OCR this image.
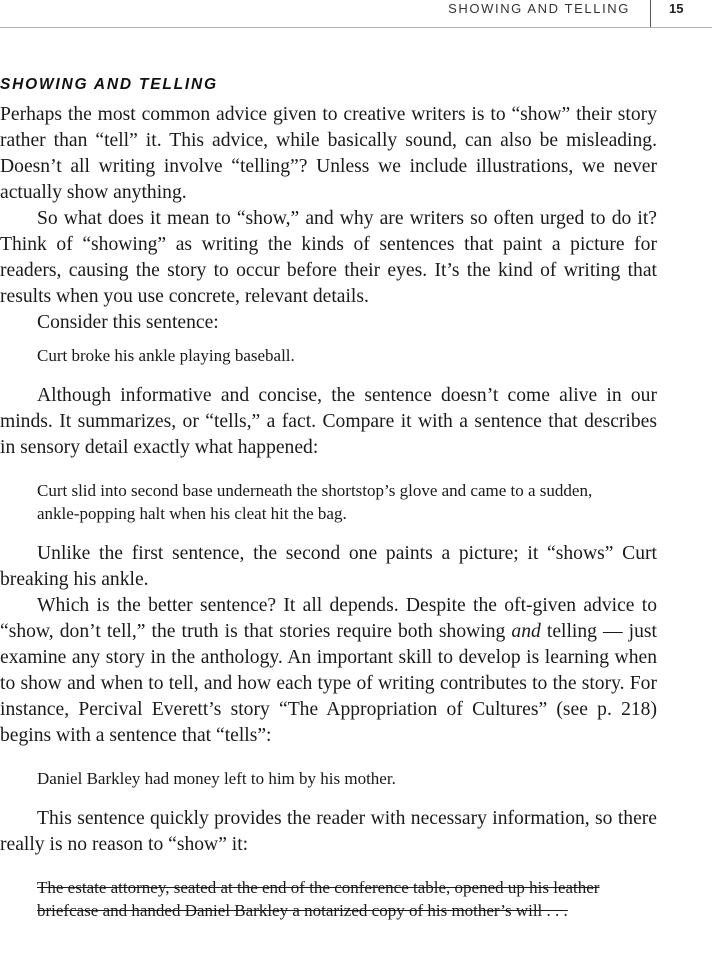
SHOWING AND TELLING	15
SHOWING AND TELLING

Perhaps the most common advice given to creative writers is to “show” their story rather than “tell” it. This advice, while basically sound, can also be misleading. Doesn’t all writing involve “telling”? Unless we include illustrations, we never actually show anything.

So what does it mean to “show,” and why are writers so often urged to do it? Think of “showing” as writing the kinds of sentences that paint a picture for readers, causing the story to occur before their eyes. It’s the kind of writing that results when you use concrete, relevant details.

Consider this sentence:

Curt broke his ankle playing baseball.

Although informative and concise, the sentence doesn’t come alive in our minds. It summarizes, or “tells,” a fact. Compare it with a sentence that describes in sensory detail exactly what happened:

Curt slid into second base underneath the shortstop’s glove and came to a sudden, ankle-popping halt when his cleat hit the bag.

Unlike the first sentence, the second one paints a picture; it “shows” Curt breaking his ankle.

Which is the better sentence? It all depends. Despite the oft-given advice to “show, don’t tell,” the truth is that stories require both showing and telling — just examine any story in the anthology. An important skill to develop is learning when to show and when to tell, and how each type of writing contributes to the story. For instance, Percival Everett’s story “The Appropriation of Cultures” (see p. 218) begins with a sentence that “tells”:

Daniel Barkley had money left to him by his mother.

This sentence quickly provides the reader with necessary information, so there really is no reason to “show” it:

The estate attorney, seated at the end of the conference table, opened up his leather briefcase and handed Daniel Barkley a notarized copy of his mother’s will . . .
